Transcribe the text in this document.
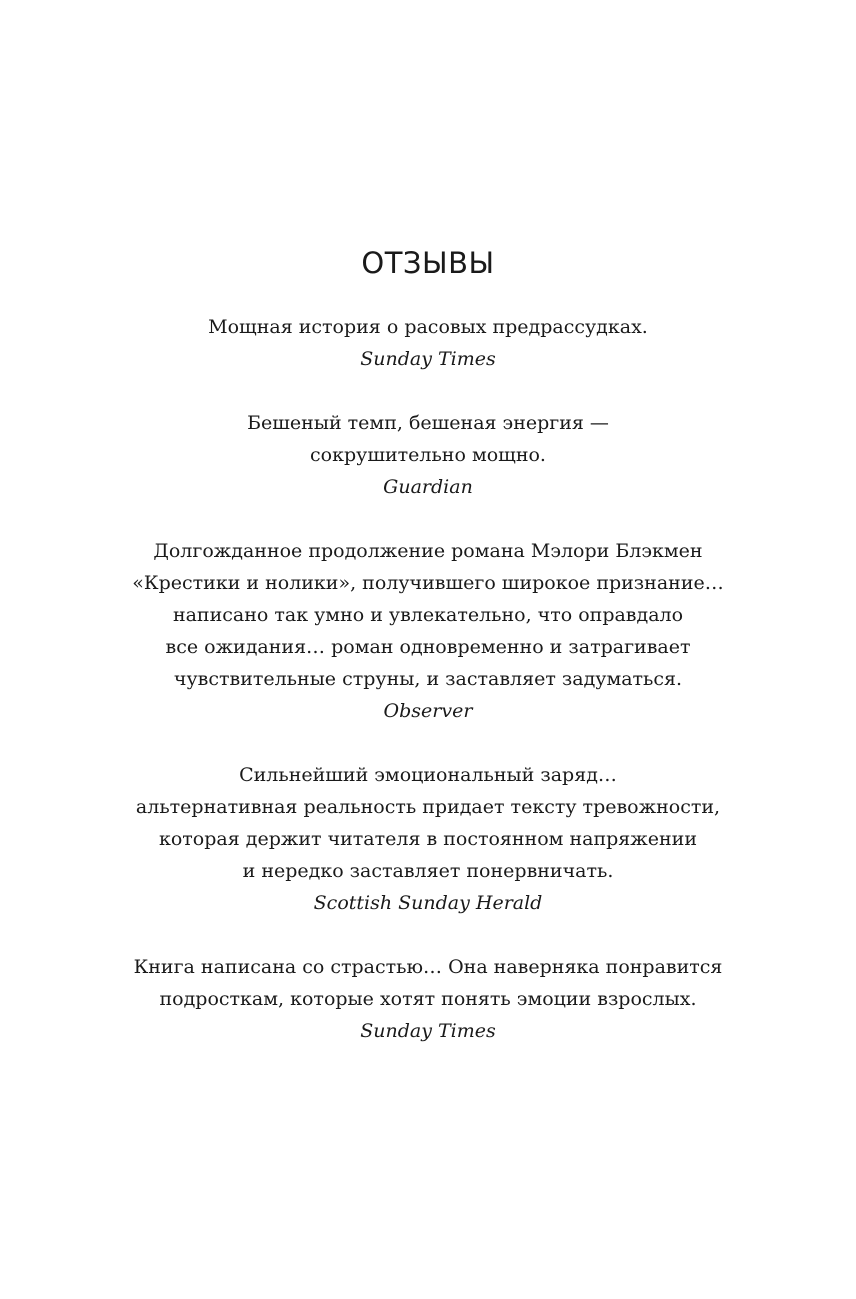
ОТЗЫВЫ
Мощная история о расовых предрассудках.
Sunday Times
Бешеный темп, бешеная энергия —
сокрушительно мощно.
Guardian
Долгожданное продолжение романа Мэлори Блэкмен
«Крестики и нолики», получившего широкое признание…
написано так умно и увлекательно, что оправдало
все ожидания… роман одновременно и затрагивает
чувствительные струны, и заставляет задуматься.
Observer
Сильнейший эмоциональный заряд…
альтернативная реальность придает тексту тревожности,
которая держит читателя в постоянном напряжении
и нередко заставляет понервничать.
Scottish Sunday Herald
Книга написана со страстью… Она наверняка понравится
подросткам, которые хотят понять эмоции взрослых.
Sunday Times
